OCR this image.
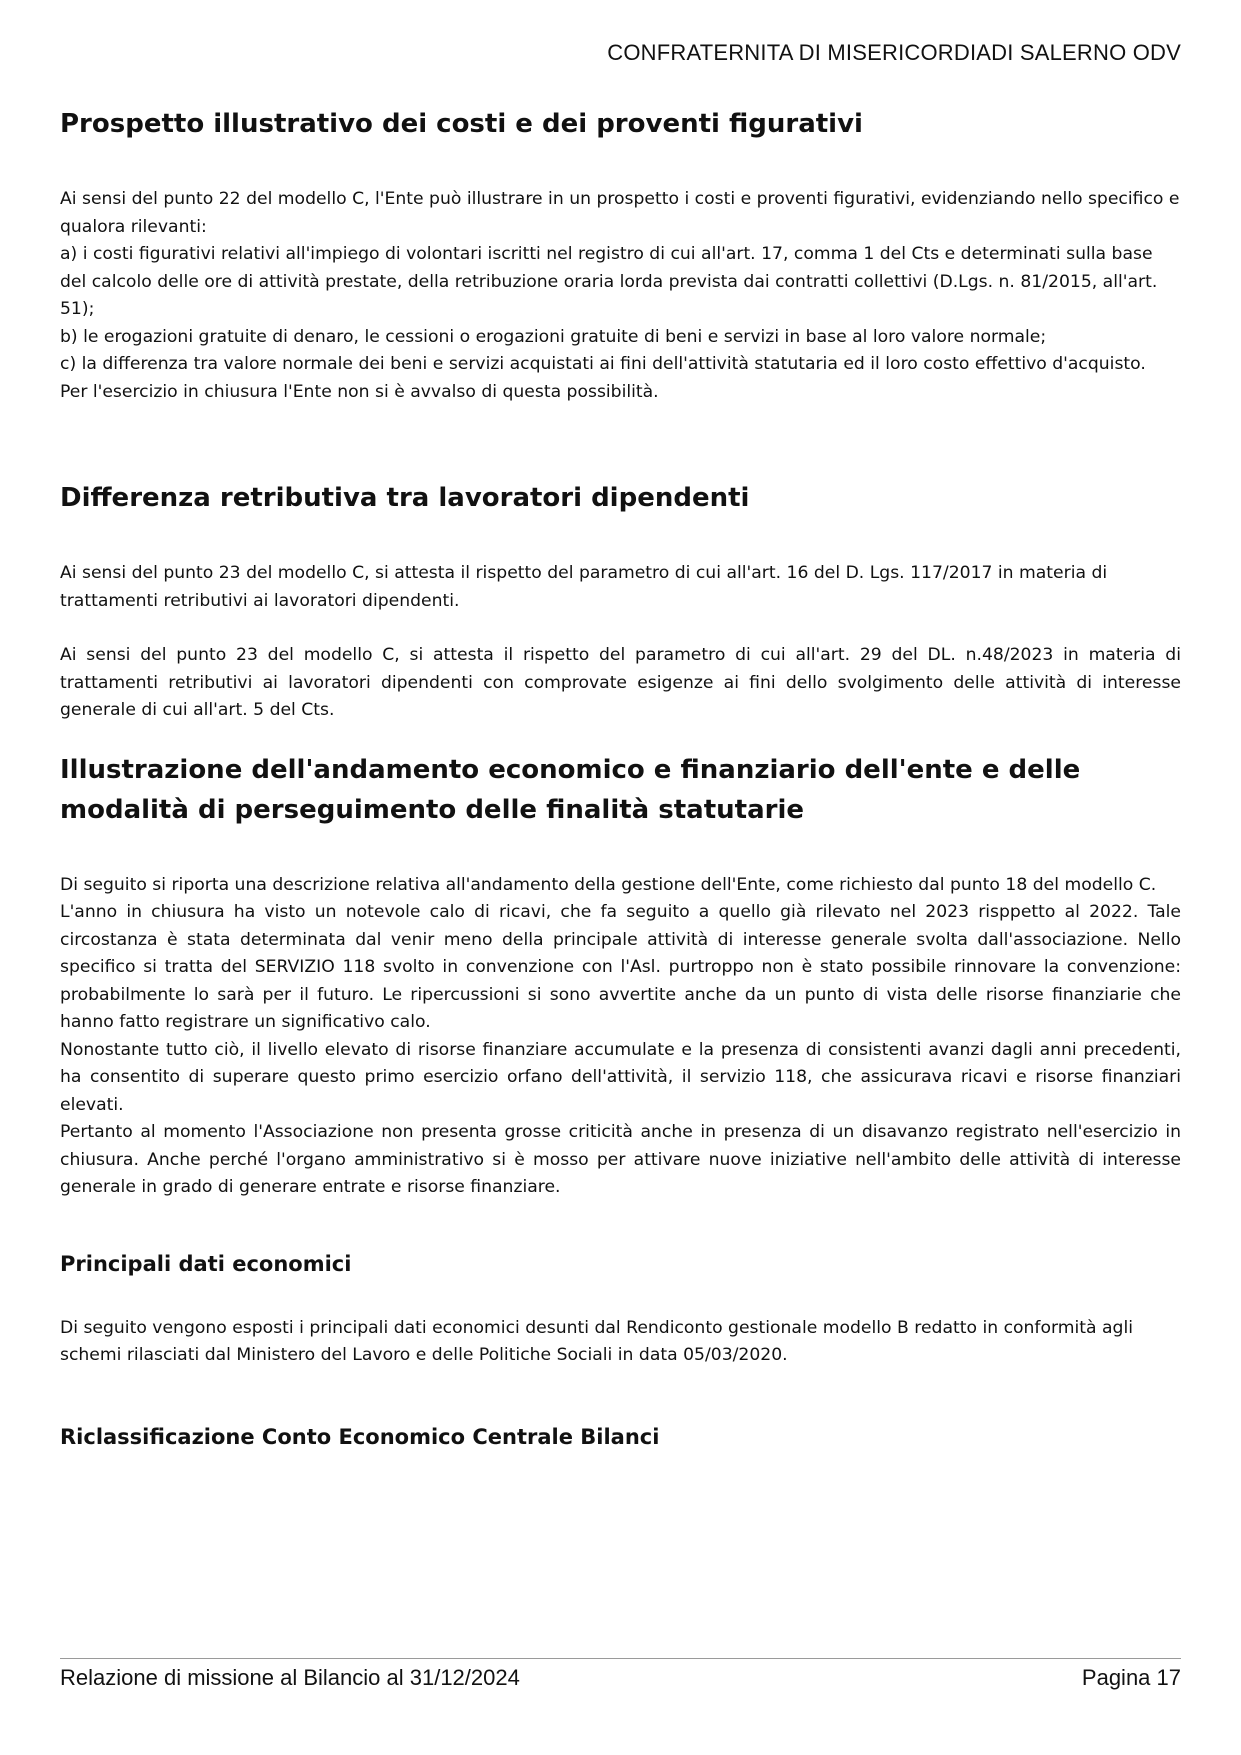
CONFRATERNITA DI MISERICORDIADI SALERNO ODV
Prospetto illustrativo dei costi e dei proventi figurativi

Ai sensi del punto 22 del modello C, l'Ente può illustrare in un prospetto i costi e proventi figurativi, evidenziando nello specifico e qualora rilevanti:

a) i costi figurativi relativi all'impiego di volontari iscritti nel registro di cui all'art. 17, comma 1 del Cts e determinati sulla base del calcolo delle ore di attività prestate, della retribuzione oraria lorda prevista dai contratti collettivi (D.Lgs. n. 81/2015, all'art. 51);

b) le erogazioni gratuite di denaro, le cessioni o erogazioni gratuite di beni e servizi in base al loro valore normale;

c) la differenza tra valore normale dei beni e servizi acquistati ai fini dell'attività statutaria ed il loro costo effettivo d'acquisto.

Per l'esercizio in chiusura l'Ente non si è avvalso di questa possibilità.

Differenza retributiva tra lavoratori dipendenti

Ai sensi del punto 23 del modello C, si attesta il rispetto del parametro di cui all'art. 16 del D. Lgs. 117/2017 in materia di trattamenti retributivi ai lavoratori dipendenti.

Ai sensi del punto 23 del modello C, si attesta il rispetto del parametro di cui all'art. 29 del DL. n.48/2023 in materia di trattamenti retributivi ai lavoratori dipendenti con comprovate esigenze ai fini dello svolgimento delle attività di interesse generale di cui all'art. 5 del Cts.

Illustrazione dell'andamento economico e finanziario dell'ente e delle modalità di perseguimento delle finalità statutarie

Di seguito si riporta una descrizione relativa all'andamento della gestione dell'Ente, come richiesto dal punto 18 del modello C.

L'anno in chiusura ha visto un notevole calo di ricavi, che fa seguito a quello già rilevato nel 2023 risppetto al 2022. Tale circostanza è stata determinata dal venir meno della principale attività di interesse generale svolta dall'associazione. Nello specifico si tratta del SERVIZIO 118 svolto in convenzione con l'Asl. purtroppo non è stato possibile rinnovare la convenzione: probabilmente lo sarà per il futuro. Le ripercussioni si sono avvertite anche da un punto di vista delle risorse finanziarie che hanno fatto registrare un significativo calo.

Nonostante tutto ciò, il livello elevato di risorse finanziare accumulate e la presenza di consistenti avanzi dagli anni precedenti, ha consentito di superare questo primo esercizio orfano dell'attività, il servizio 118, che assicurava ricavi e risorse finanziari elevati.

Pertanto al momento l'Associazione non presenta grosse criticità anche in presenza di un disavanzo registrato nell'esercizio in chiusura. Anche perché l'organo amministrativo si è mosso per attivare nuove iniziative nell'ambito delle attività di interesse generale in grado di generare entrate e risorse finanziare.

Principali dati economici

Di seguito vengono esposti i principali dati economici desunti dal Rendiconto gestionale modello B redatto in conformità agli schemi rilasciati dal Ministero del Lavoro e delle Politiche Sociali in data 05/03/2020.

Riclassificazione Conto Economico Centrale Bilanci
Relazione di missione al Bilancio al 31/12/2024	Pagina 17
